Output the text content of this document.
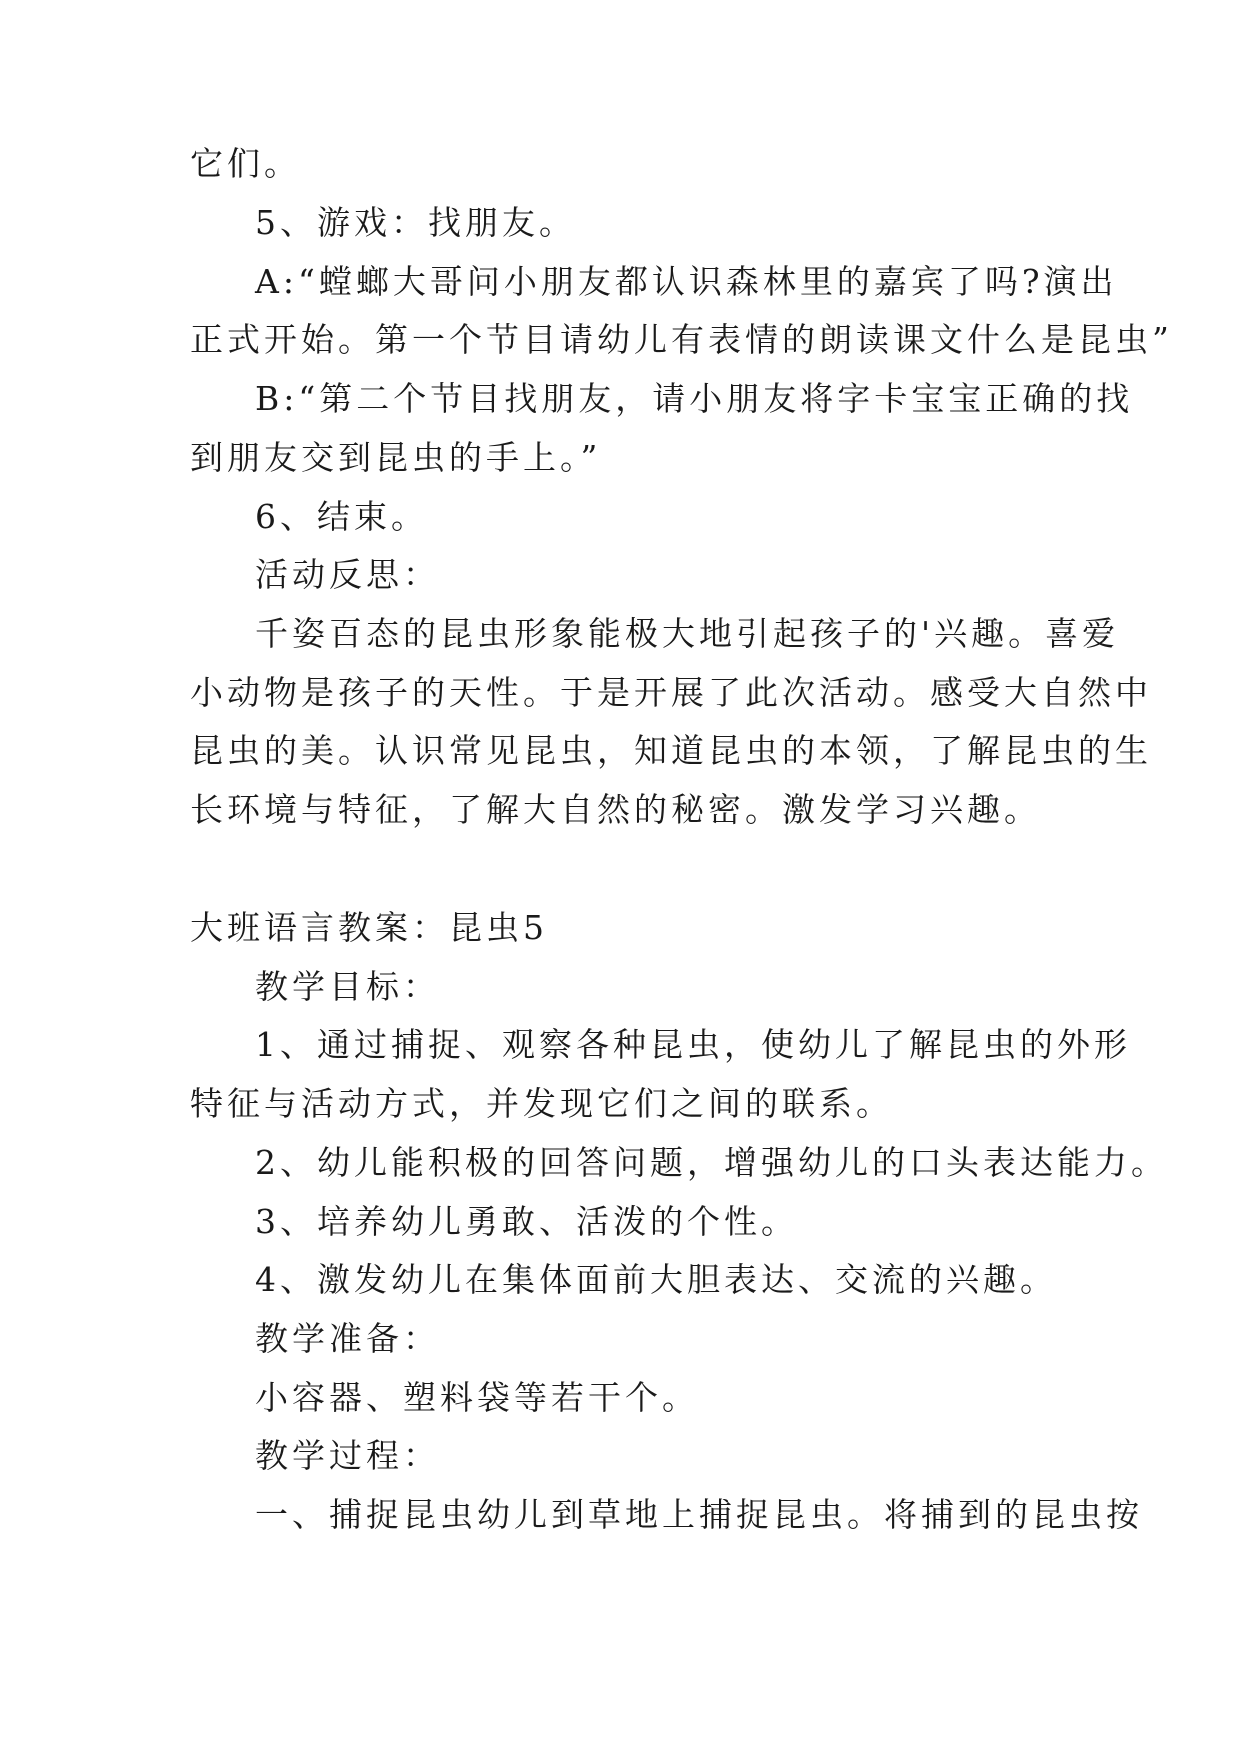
它们。
5、游戏：找朋友。
A:“螳螂大哥问小朋友都认识森林里的嘉宾了吗?演出
正式开始。第一个节目请幼儿有表情的朗读课文什么是昆虫”
B:“第二个节目找朋友，请小朋友将字卡宝宝正确的找
到朋友交到昆虫的手上。”
6、结束。
活动反思：
千姿百态的昆虫形象能极大地引起孩子的'兴趣。喜爱
小动物是孩子的天性。于是开展了此次活动。感受大自然中
昆虫的美。认识常见昆虫，知道昆虫的本领，了解昆虫的生
长环境与特征，了解大自然的秘密。激发学习兴趣。
大班语言教案：昆虫5
教学目标：
1、通过捕捉、观察各种昆虫，使幼儿了解昆虫的外形
特征与活动方式，并发现它们之间的联系。
2、幼儿能积极的回答问题，增强幼儿的口头表达能力。
3、培养幼儿勇敢、活泼的个性。
4、激发幼儿在集体面前大胆表达、交流的兴趣。
教学准备：
小容器、塑料袋等若干个。
教学过程：
一、捕捉昆虫幼儿到草地上捕捉昆虫。将捕到的昆虫按
